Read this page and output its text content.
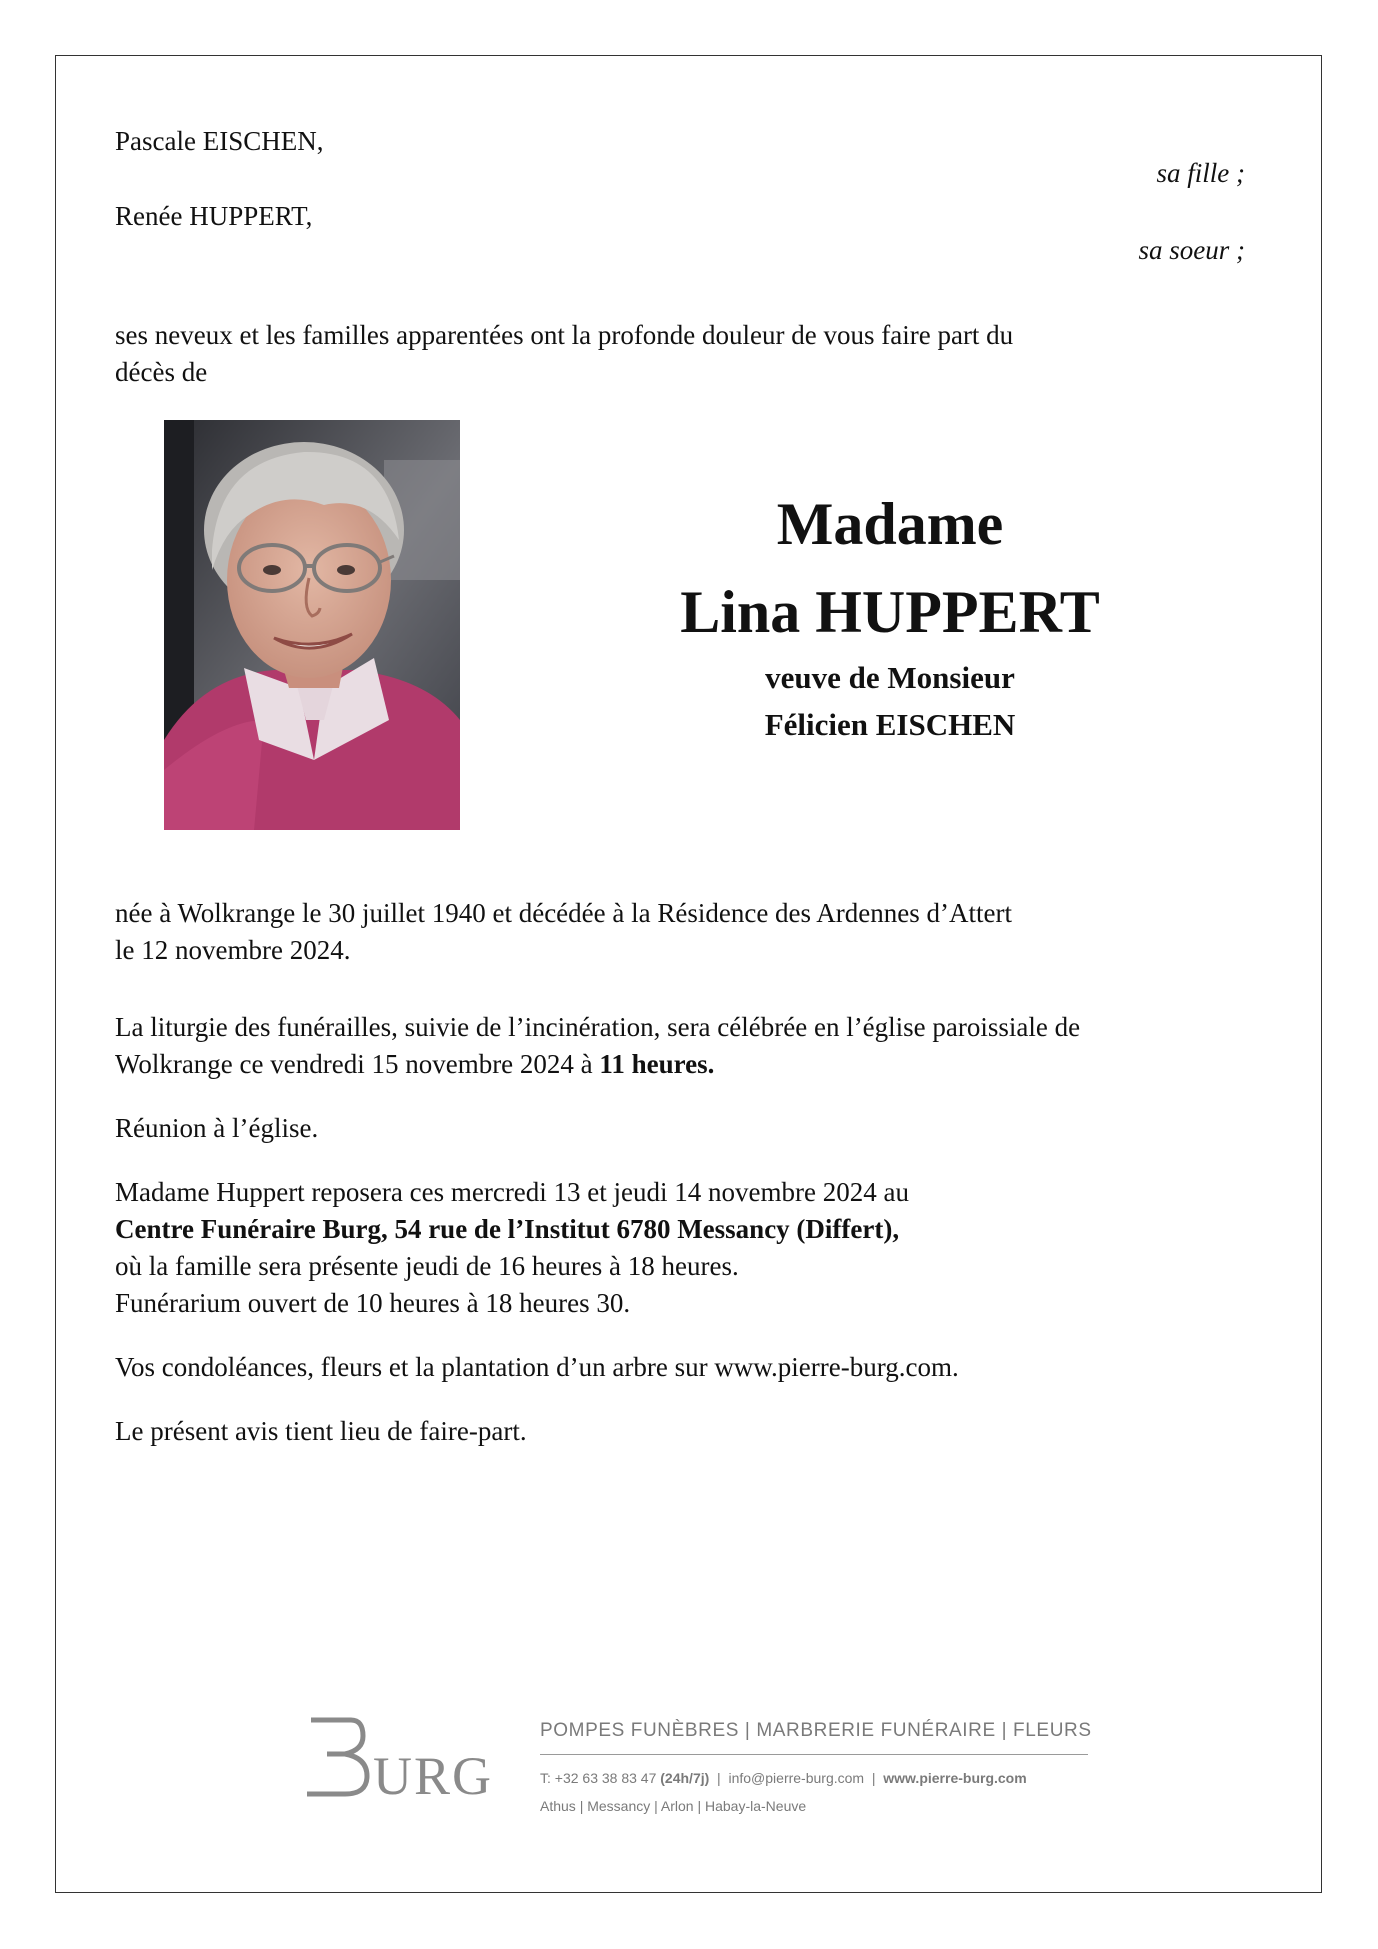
Pascale EISCHEN,

sa fille ;

Renée HUPPERT,

sa soeur ;

ses neveux et les familles apparentées ont la profonde douleur de vous faire part du

décès de

Madame
Lina HUPPERT
veuve de Monsieur
Félicien EISCHEN

née à Wolkrange le 30 juillet 1940 et décédée à la Résidence des Ardennes d’Attert

le 12 novembre 2024.

La liturgie des funérailles, suivie de l’incinération, sera célébrée en l’église paroissiale de

Wolkrange ce vendredi 15 novembre 2024 à 11 heures.

Réunion à l’église.

Madame Huppert reposera ces mercredi 13 et jeudi 14 novembre 2024 au

Centre Funéraire Burg, 54 rue de l’Institut 6780 Messancy (Differt),

où la famille sera présente jeudi de 16 heures à 18 heures.

Funérarium ouvert de 10 heures à 18 heures 30.

Vos condoléances, fleurs et la plantation d’un arbre sur www.pierre-burg.com.

Le présent avis tient lieu de faire-part.

URG
POMPES FUNÈBRES | MARBRERIE FUNÉRAIRE | FLEURS
T: +32 63 38 83 47 (24h/7j)  |  info@pierre-burg.com  |  www.pierre-burg.com
Athus | Messancy | Arlon | Habay-la-Neuve
